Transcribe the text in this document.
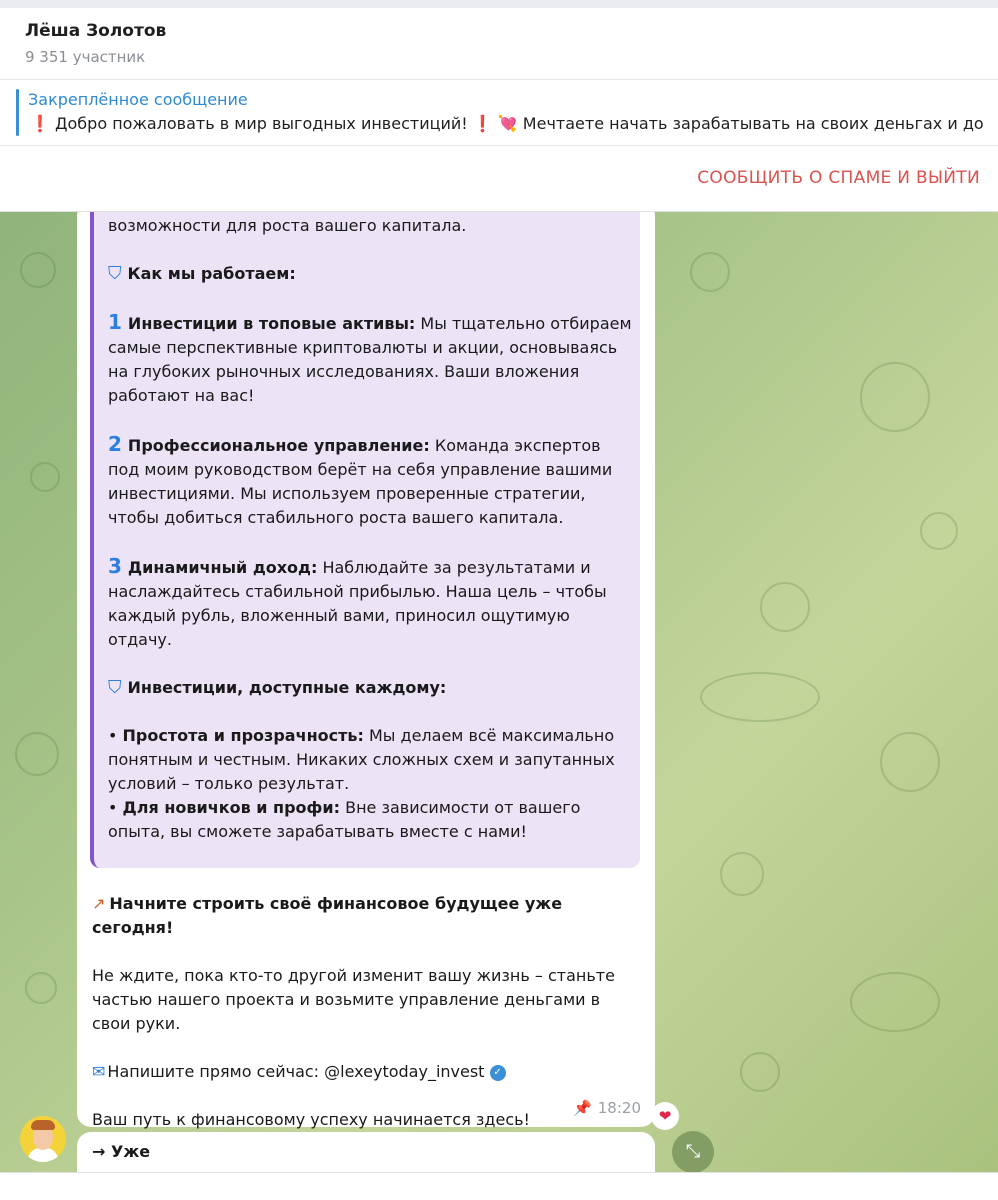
Лёша Золотов
9 351 участник
Закреплённое сообщение
❗ Добро пожаловать в мир выгодных инвестиций! ❗ 💘 Мечтаете начать зарабатывать на своих деньгах и до
СООБЩИТЬ О СПАМЕ И ВЫЙТИ

возможности для роста вашего капитала.

⛉ Как мы работаем:

1 Инвестиции в топовые активы: Мы тщательно отбираем самые перспективные криптовалюты и акции, основываясь на глубоких рыночных исследованиях. Ваши вложения работают на вас!

2 Профессиональное управление: Команда экспертов под моим руководством берёт на себя управление вашими инвестициями. Мы используем проверенные стратегии, чтобы добиться стабильного роста вашего капитала.

3 Динамичный доход: Наблюдайте за результатами и наслаждайтесь стабильной прибылью. Наша цель – чтобы каждый рубль, вложенный вами, приносил ощутимую отдачу.

⛉ Инвестиции, доступные каждому:

• Простота и прозрачность: Мы делаем всё максимально понятным и честным. Никаких сложных схем и запутанных условий – только результат.
• Для новичков и профи: Вне зависимости от вашего опыта, вы сможете зарабатывать вместе с нами!

↗ Начните строить своё финансовое будущее уже сегодня!

Не ждите, пока кто-то другой изменит вашу жизнь – станьте частью нашего проекта и возьмите управление деньгами в свои руки.

✉ Напишите прямо сейчас: @lexeytoday_invest ✓

Ваш путь к финансовому успеху начинается здесь!

📌 18:20	❤
→ Уже	⤡
